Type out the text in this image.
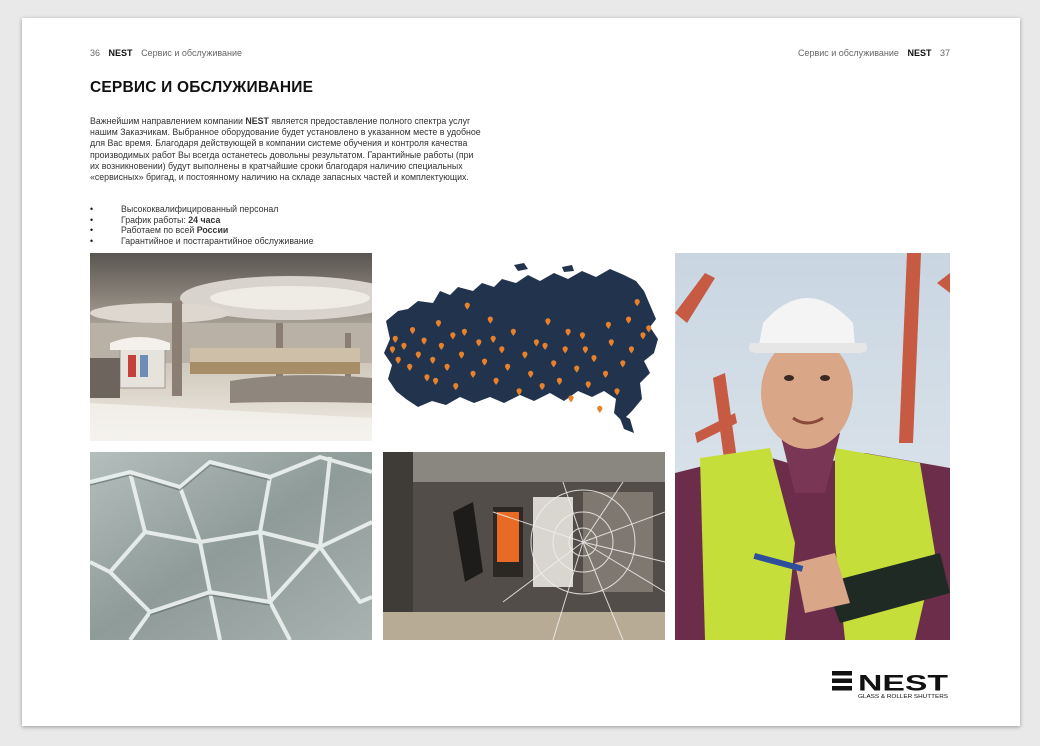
36 NEST Сервис и обслуживание	Сервис и обслуживание NEST 37
СЕРВИС И ОБСЛУЖИВАНИЕ

Важнейшим направлением компании NEST является предоставление полного спектра услуг нашим Заказчикам. Выбранное оборудование будет установлено в указанном месте в удобное для Вас время. Благодаря действующей в компании системе обучения и контроля качества производимых работ Вы всегда останетесь довольны результатом. Гарантийные работы (при их возникновении) будут выполнены в кратчайшие сроки благодаря наличию специальных «сервисных» бригад, и постоянному наличию на складе запасных частей и комплектующих.

• Высококвалифицированный персонал
• График работы: 24 часа
• Работаем по всей России
• Гарантийное и постгарантийное обслуживание
NEST
GLASS & ROLLER SHUTTERS
